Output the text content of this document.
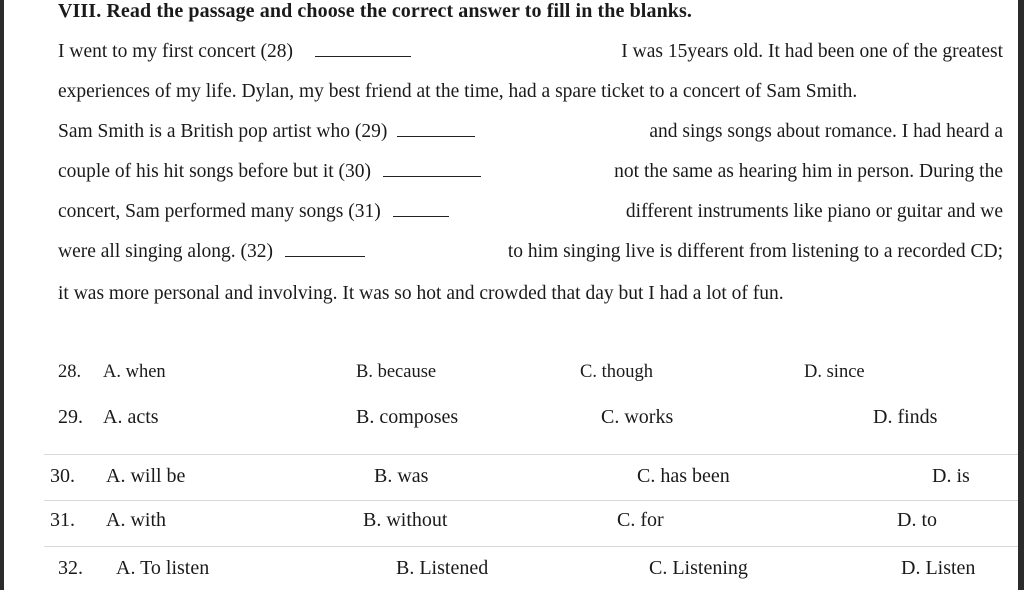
VIII. Read the passage and choose the correct answer to fill in the blanks.
I went to my first concert (28)	I was 15years old. It had been one of the greatest
experiences of my life. Dylan, my best friend at the time, had a spare ticket to a concert of Sam Smith.
Sam Smith is a British pop artist who (29)	and sings songs about romance. I had heard a
couple of his hit songs before but it (30)	not the same as hearing him in person. During the
concert, Sam performed many songs (31)	different instruments like piano or guitar and we
were all singing along. (32)	to him singing live is different from listening to a recorded CD;
it was more personal and involving. It was so hot and crowded that day but I had a lot of fun.
28. A. when	B. because	C. though	D. since
29. A. acts	B. composes	C. works	D. finds
30. A. will be	B. was	C. has been	D. is
31. A. with	B. without	C. for	D. to
32. A. To listen	B. Listened	C. Listening	D. Listen
